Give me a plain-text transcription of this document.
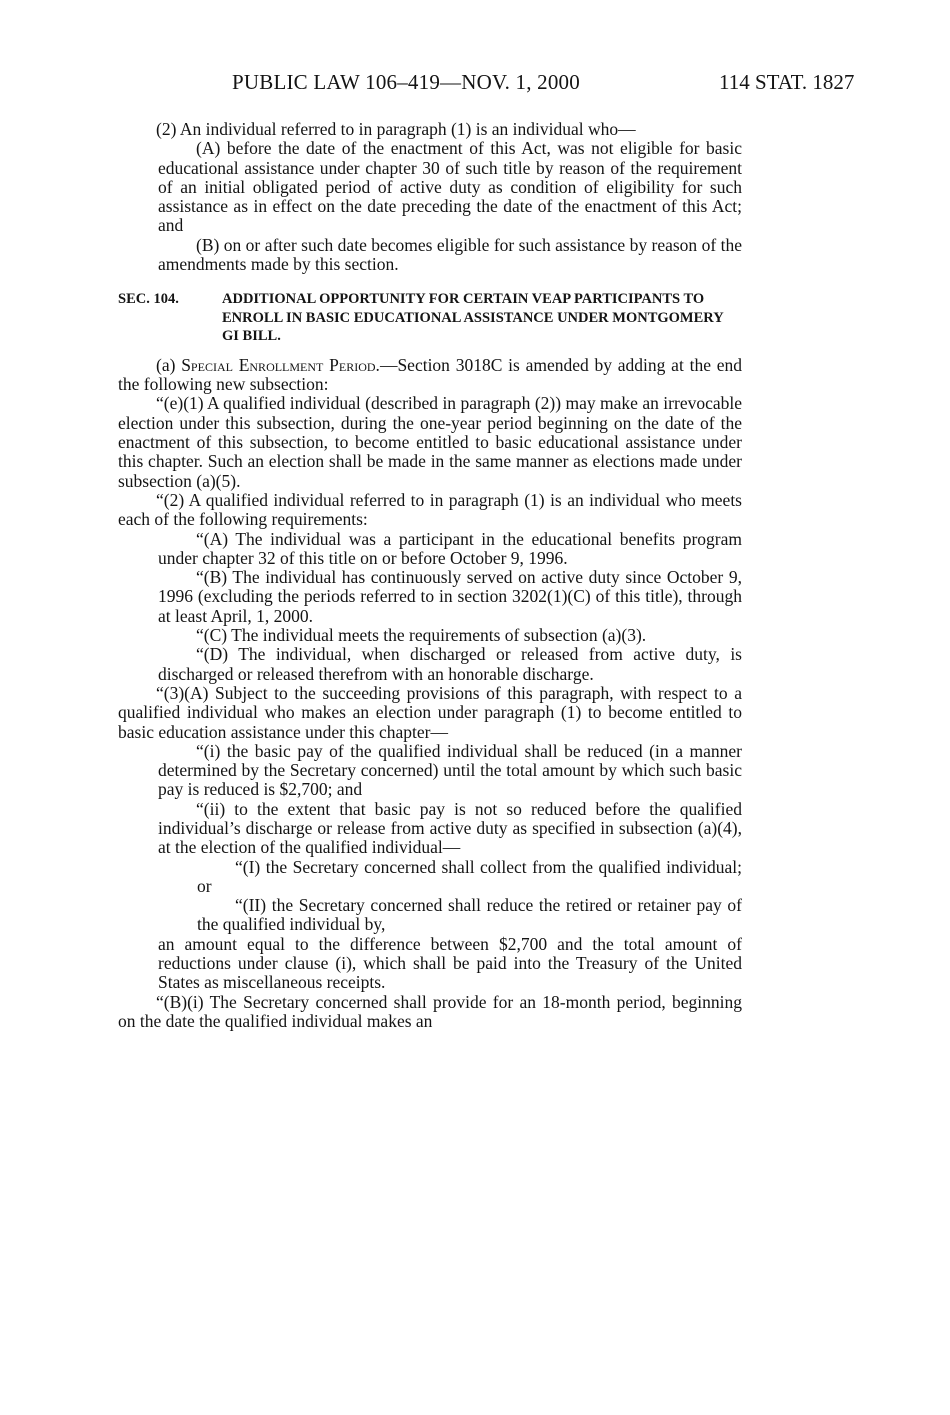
PUBLIC LAW 106–419—NOV. 1, 2000	114 STAT. 1827

(2) An individual referred to in paragraph (1) is an individual who—

(A) before the date of the enactment of this Act, was not eligible for basic educational assistance under chapter 30 of such title by reason of the requirement of an initial obligated period of active duty as condition of eligibility for such assistance as in effect on the date preceding the date of the enactment of this Act; and

(B) on or after such date becomes eligible for such assistance by reason of the amendments made by this section.

SEC. 104.	ADDITIONAL OPPORTUNITY FOR CERTAIN VEAP PARTICIPANTS TO ENROLL IN BASIC EDUCATIONAL ASSISTANCE UNDER MONTGOMERY GI BILL.

(a) Special Enrollment Period.—Section 3018C is amended by adding at the end the following new subsection:

“(e)(1) A qualified individual (described in paragraph (2)) may make an irrevocable election under this subsection, during the one-year period beginning on the date of the enactment of this subsection, to become entitled to basic educational assistance under this chapter. Such an election shall be made in the same manner as elections made under subsection (a)(5).

“(2) A qualified individual referred to in paragraph (1) is an individual who meets each of the following requirements:

“(A) The individual was a participant in the educational benefits program under chapter 32 of this title on or before October 9, 1996.

“(B) The individual has continuously served on active duty since October 9, 1996 (excluding the periods referred to in section 3202(1)(C) of this title), through at least April, 1, 2000.

“(C) The individual meets the requirements of subsection (a)(3).

“(D) The individual, when discharged or released from active duty, is discharged or released therefrom with an honorable discharge.

“(3)(A) Subject to the succeeding provisions of this paragraph, with respect to a qualified individual who makes an election under paragraph (1) to become entitled to basic education assistance under this chapter—

“(i) the basic pay of the qualified individual shall be reduced (in a manner determined by the Secretary concerned) until the total amount by which such basic pay is reduced is $2,700; and

“(ii) to the extent that basic pay is not so reduced before the qualified individual’s discharge or release from active duty as specified in subsection (a)(4), at the election of the qualified individual—

“(I) the Secretary concerned shall collect from the qualified individual; or

“(II) the Secretary concerned shall reduce the retired or retainer pay of the qualified individual by,

an amount equal to the difference between $2,700 and the total amount of reductions under clause (i), which shall be paid into the Treasury of the United States as miscellaneous receipts.

“(B)(i) The Secretary concerned shall provide for an 18-month period, beginning on the date the qualified individual makes an
